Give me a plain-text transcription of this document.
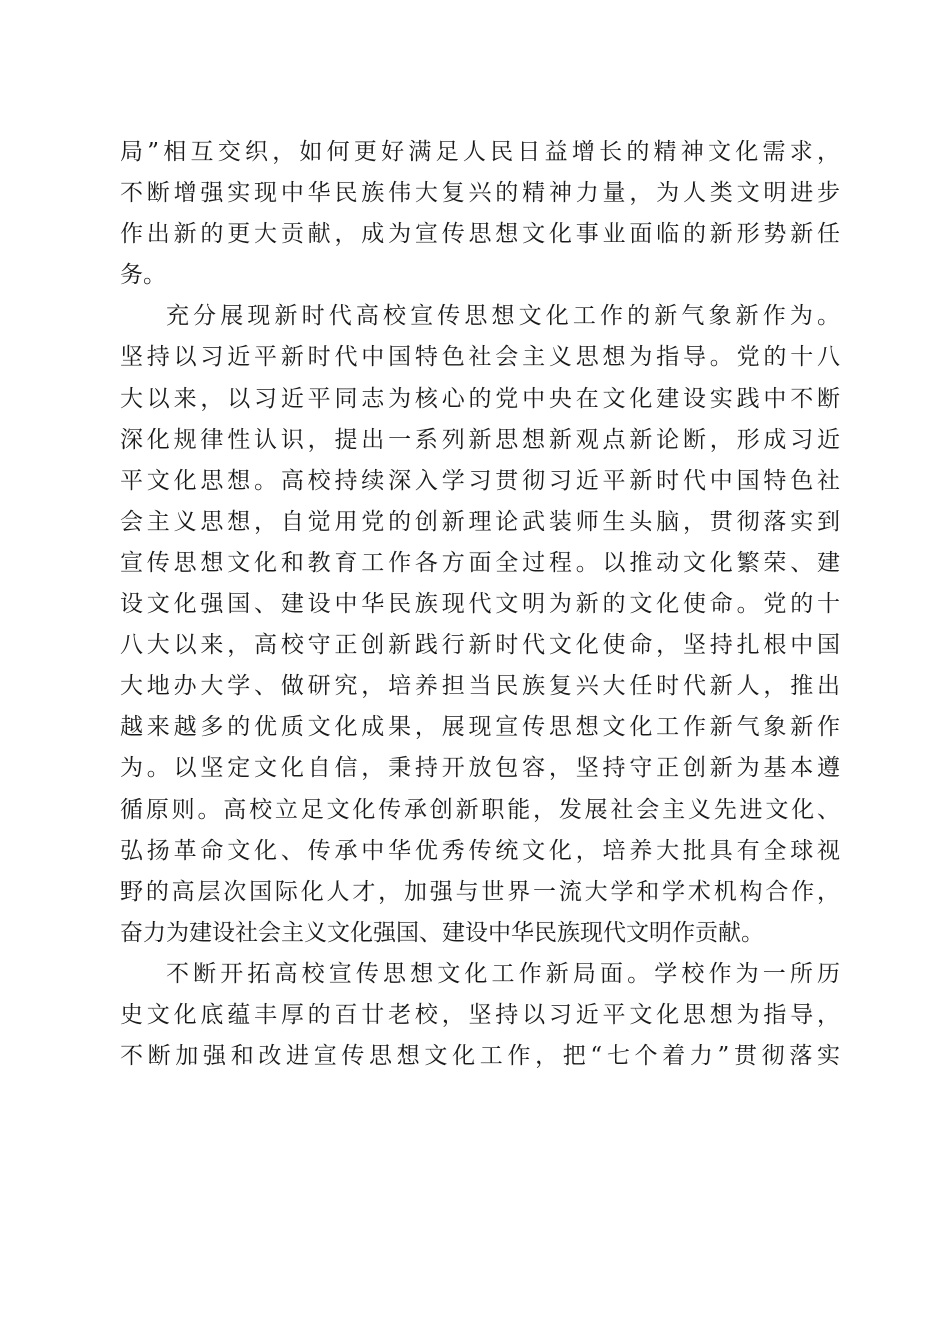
局”相互交织，如何更好满足人民日益增长的精神文化需求，
不断增强实现中华民族伟大复兴的精神力量，为人类文明进步
作出新的更大贡献，成为宣传思想文化事业面临的新形势新任
务。
充分展现新时代高校宣传思想文化工作的新气象新作为。
坚持以习近平新时代中国特色社会主义思想为指导。党的十八
大以来，以习近平同志为核心的党中央在文化建设实践中不断
深化规律性认识，提出一系列新思想新观点新论断，形成习近
平文化思想。高校持续深入学习贯彻习近平新时代中国特色社
会主义思想，自觉用党的创新理论武装师生头脑，贯彻落实到
宣传思想文化和教育工作各方面全过程。以推动文化繁荣、建
设文化强国、建设中华民族现代文明为新的文化使命。党的十
八大以来，高校守正创新践行新时代文化使命，坚持扎根中国
大地办大学、做研究，培养担当民族复兴大任时代新人，推出
越来越多的优质文化成果，展现宣传思想文化工作新气象新作
为。以坚定文化自信，秉持开放包容，坚持守正创新为基本遵
循原则。高校立足文化传承创新职能，发展社会主义先进文化、
弘扬革命文化、传承中华优秀传统文化，培养大批具有全球视
野的高层次国际化人才，加强与世界一流大学和学术机构合作，
奋力为建设社会主义文化强国、建设中华民族现代文明作贡献。
不断开拓高校宣传思想文化工作新局面。学校作为一所历
史文化底蕴丰厚的百廿老校，坚持以习近平文化思想为指导，
不断加强和改进宣传思想文化工作，把“七个着力”贯彻落实
